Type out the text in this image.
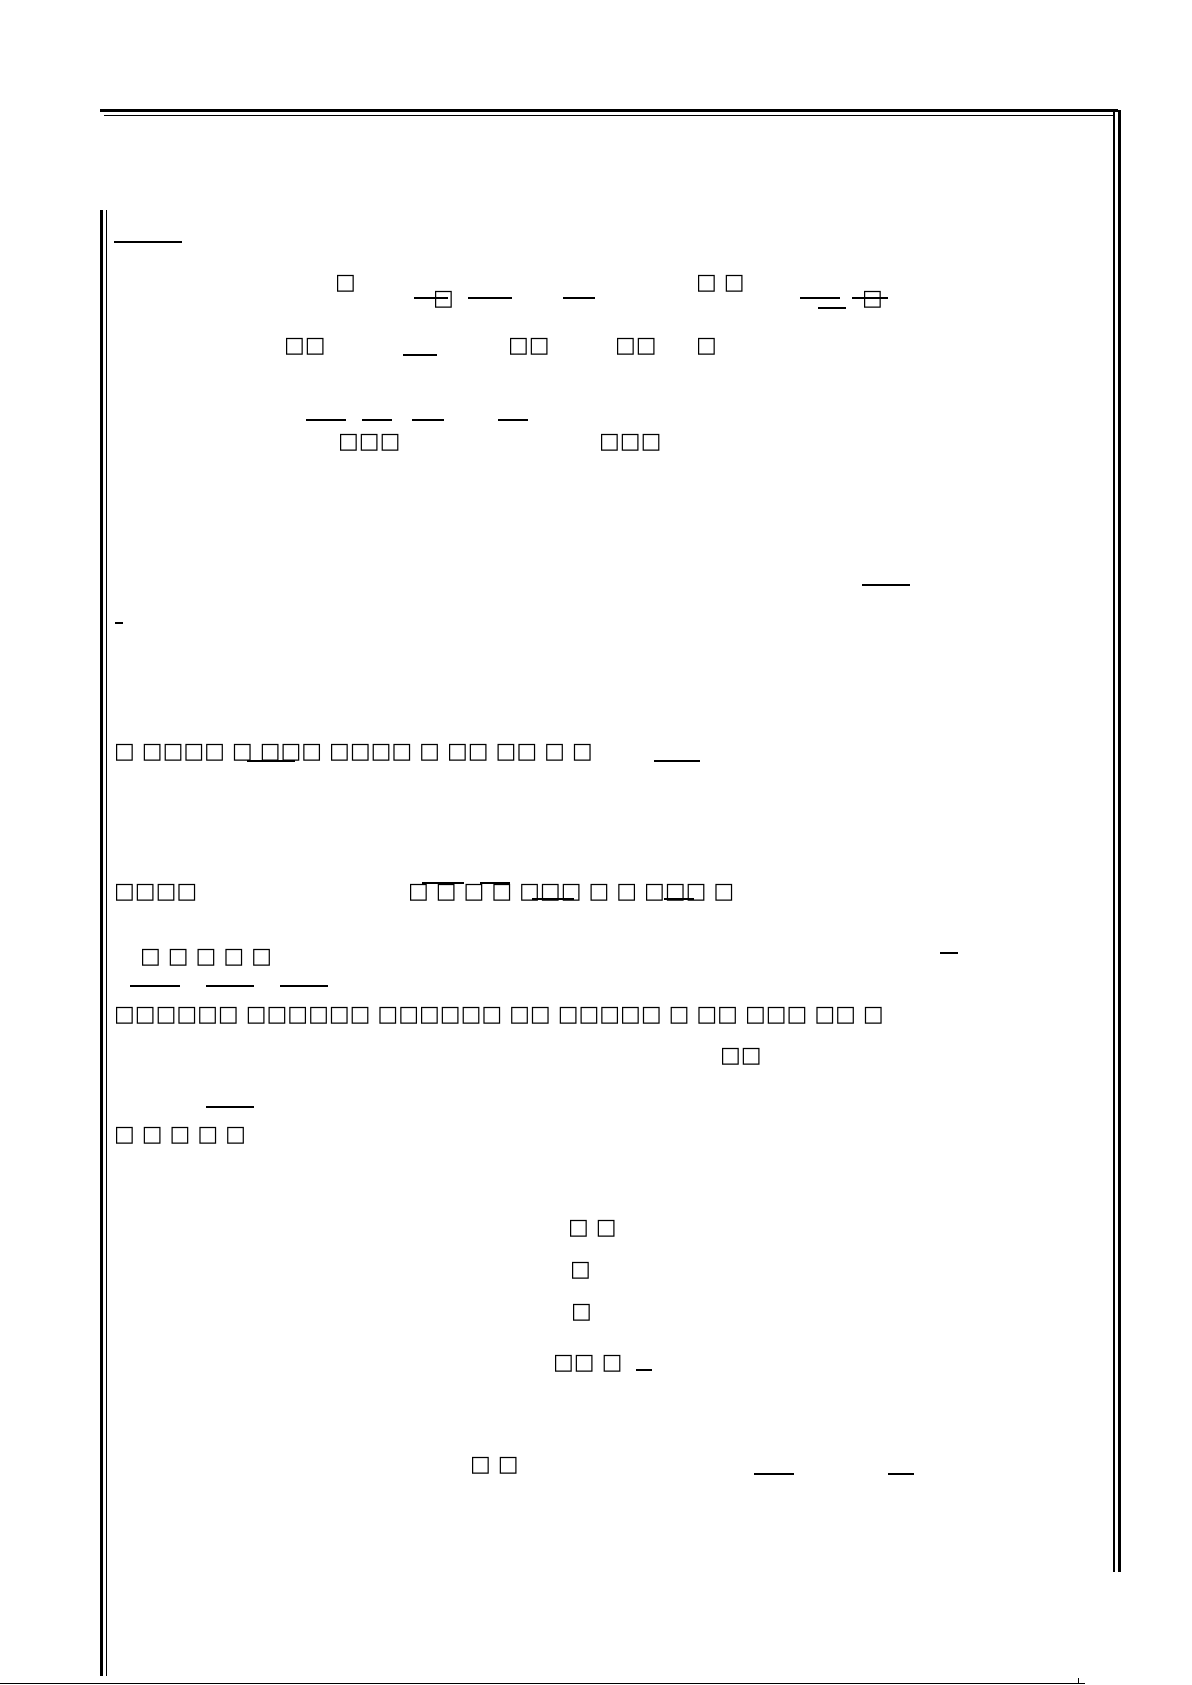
□
□
□ □
□
□□	□□	□□ □
□□□	□□□
□ □□□□ □ □□□ □□□□ □ □□ □□ □ □
□□□□	□ □ □ □ □□□ □ □ □□□ □
□ □ □ □ □
□□□□□□ □□□□□□ □□□□□□ □□ □□□□□ □ □□ □□□ □□ □
□□
□ □ □ □ □
□ □
□
□
□□ □
□ □
